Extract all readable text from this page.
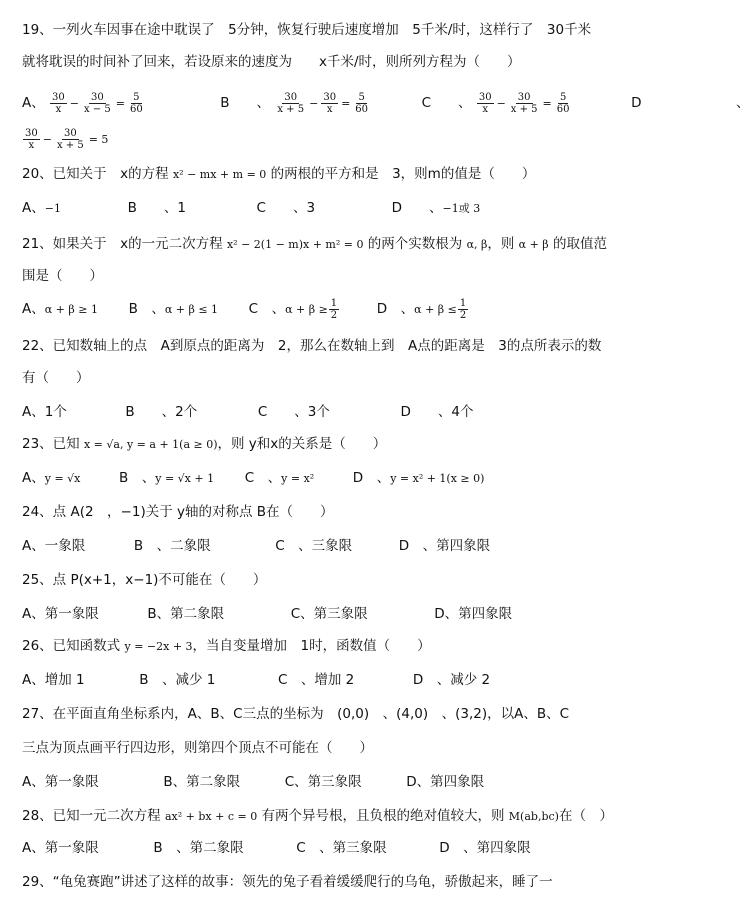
19、一列火车因事在途中耽误了　5分钟，恢复行驶后速度增加　5千米/时，这样行了　30千米
就将耽误的时间补了回来，若设原来的速度为　　x千米/时，则所列方程为（　　）
A、 $\frac{30}{x} - \frac{30}{x - 5} = \frac{5}{60}$	B　　、 $\frac{30}{x + 5} - \frac{30}{x} = \frac{5}{60}$	C　　、 $\frac{30}{x} - \frac{30}{x + 5} = \frac{5}{60}$	D　　　　　　　、
$\frac{30}{x} - \frac{30}{x + 5} = 5$
20、已知关于　x的方程 x² − mx + m = 0 的两根的平方和是　3，则m的值是（　　）
A、−1	B　　、1	C　　、3	D　　、−1或 3
21、如果关于　x的一元二次方程 x² − 2(1 − m)x + m² = 0 的两个实数根为 α, β，则 α + β 的取值范
围是（　　）
A、α + β ≥ 1 B　、α + β ≤ 1 C　、$\alpha + \beta \ge \frac{1}{2}$	D　、$\alpha + \beta \le \frac{1}{2}$
22、已知数轴上的点　A到原点的距离为　2，那么在数轴上到　A点的距离是　3的点所表示的数
有（　　）
A、1个	B　　、2个	C　　、3个	D　　、4个
23、已知 x = √a, y = a + 1(a ≥ 0)，则 y和x的关系是（　　）
A、y = √x	B　、y = √x + 1 C　、y = x²	D　、y = x² + 1(x ≥ 0)
24、点 A(2　，−1)关于 y轴的对称点 B在（　　）
A、一象限	B　、二象限	C　、三象限	D　、第四象限
25、点 P(x+1，x−1)不可能在（　　）
A、第一象限	B、第二象限	C、第三象限	D、第四象限
26、已知函数式 y = −2x + 3，当自变量增加　1时，函数值（　　）
A、增加 1	B　、减少 1	C　、增加 2	D　、减少 2
27、在平面直角坐标系内，A、B、C三点的坐标为　(0,0)　、(4,0)　、(3,2)，以A、B、C
三点为顶点画平行四边形，则第四个顶点不可能在（　　）
A、第一象限	B、第二象限	C、第三象限	D、第四象限
28、已知一元二次方程 ax² + bx + c = 0 有两个异号根，且负根的绝对值较大，则 M(ab,bc)在（　）
A、第一象限	B　、第二象限	C　、第三象限	D　、第四象限
29、“龟兔赛跑”讲述了这样的故事：领先的兔子看着缓缓爬行的乌龟，骄傲起来，睡了一
